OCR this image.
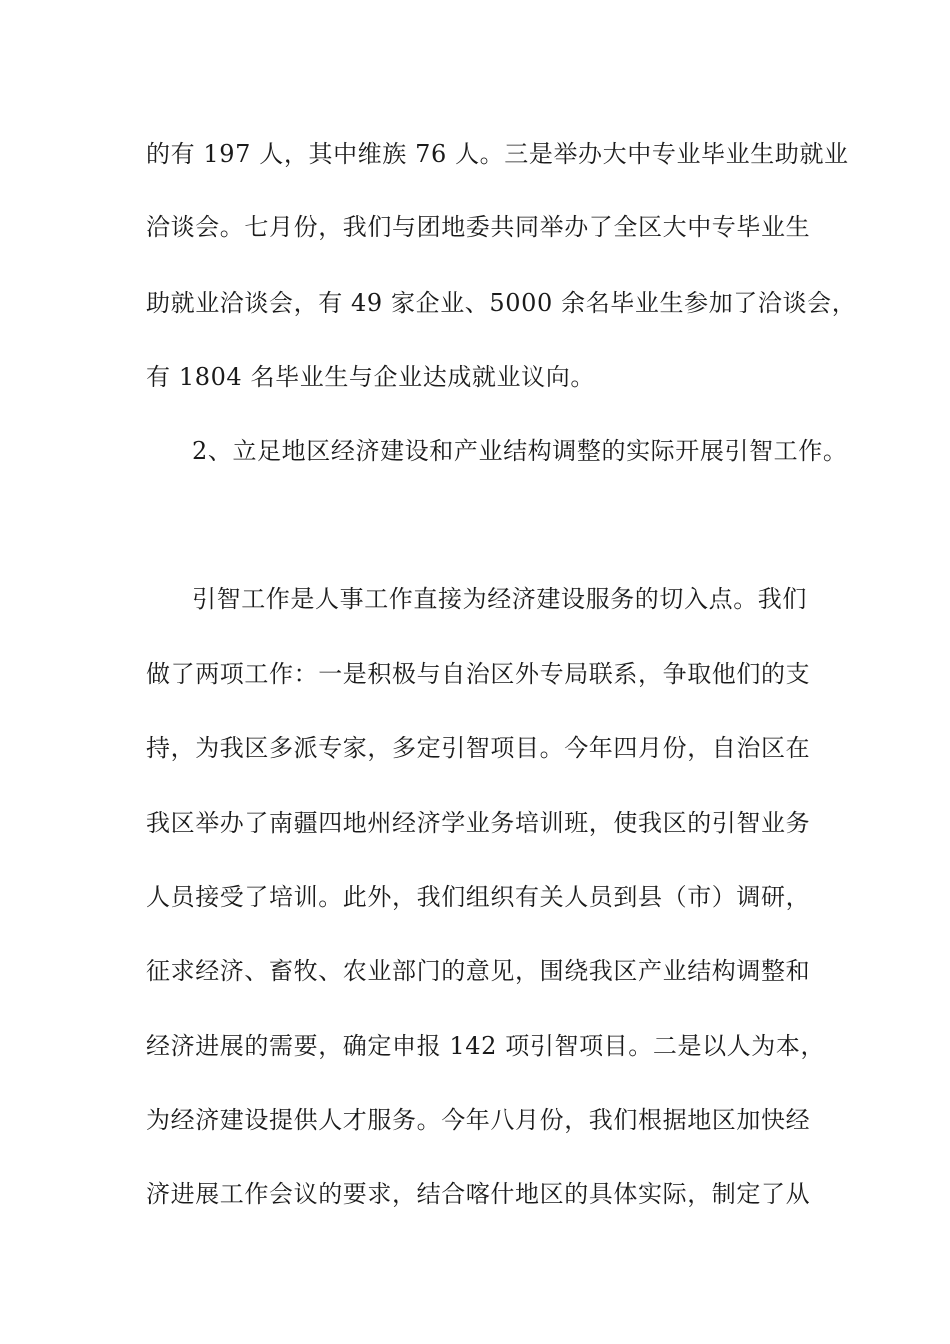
的有 197 人，其中维族 76 人。三是举办大中专业毕业生助就业
洽谈会。七月份，我们与团地委共同举办了全区大中专毕业生
助就业洽谈会，有 49 家企业、5000 余名毕业生参加了洽谈会，
有 1804 名毕业生与企业达成就业议向。
2、立足地区经济建设和产业结构调整的实际开展引智工作。
引智工作是人事工作直接为经济建设服务的切入点。我们
做了两项工作：一是积极与自治区外专局联系，争取他们的支
持，为我区多派专家，多定引智项目。今年四月份，自治区在
我区举办了南疆四地州经济学业务培训班，使我区的引智业务
人员接受了培训。此外，我们组织有关人员到县（市）调研，
征求经济、畜牧、农业部门的意见，围绕我区产业结构调整和
经济进展的需要，确定申报 142 项引智项目。二是以人为本，
为经济建设提供人才服务。今年八月份，我们根据地区加快经
济进展工作会议的要求，结合喀什地区的具体实际，制定了从
